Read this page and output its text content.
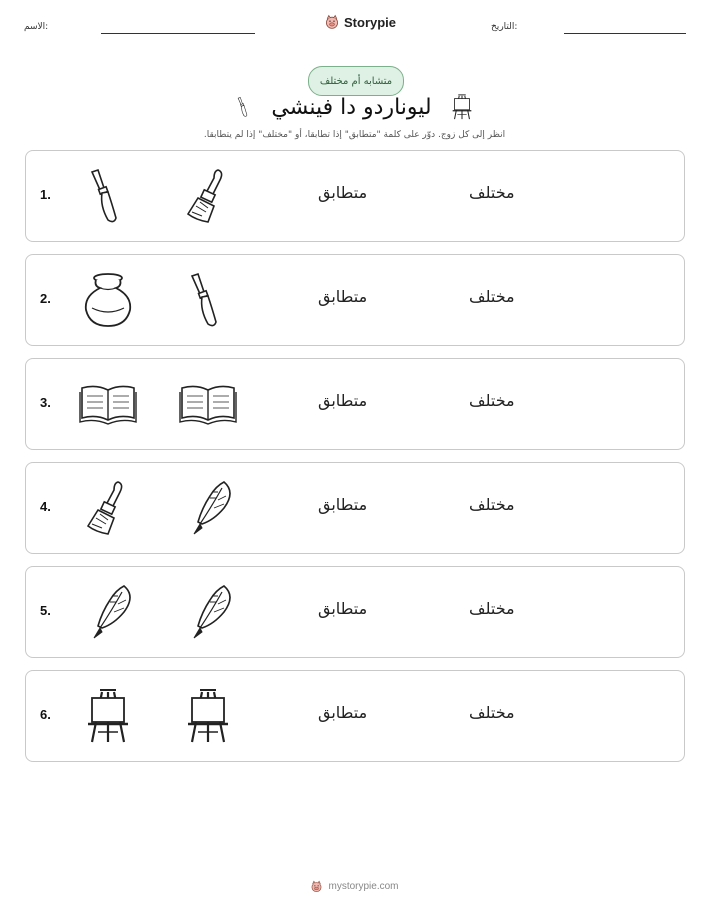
الاسم:	Storypie	التاريخ:
متشابه أم مختلف
ليوناردو دا فينشي
انظر إلى كل زوج. دوّر على كلمة "متطابق" إذا تطابقا، أو "مختلف" إذا لم يتطابقا.
1.	متطابق	مختلف
2.	متطابق	مختلف
3.	متطابق	مختلف
4.	متطابق	مختلف
5.	متطابق	مختلف
6.	متطابق	مختلف
mystorypie.com
